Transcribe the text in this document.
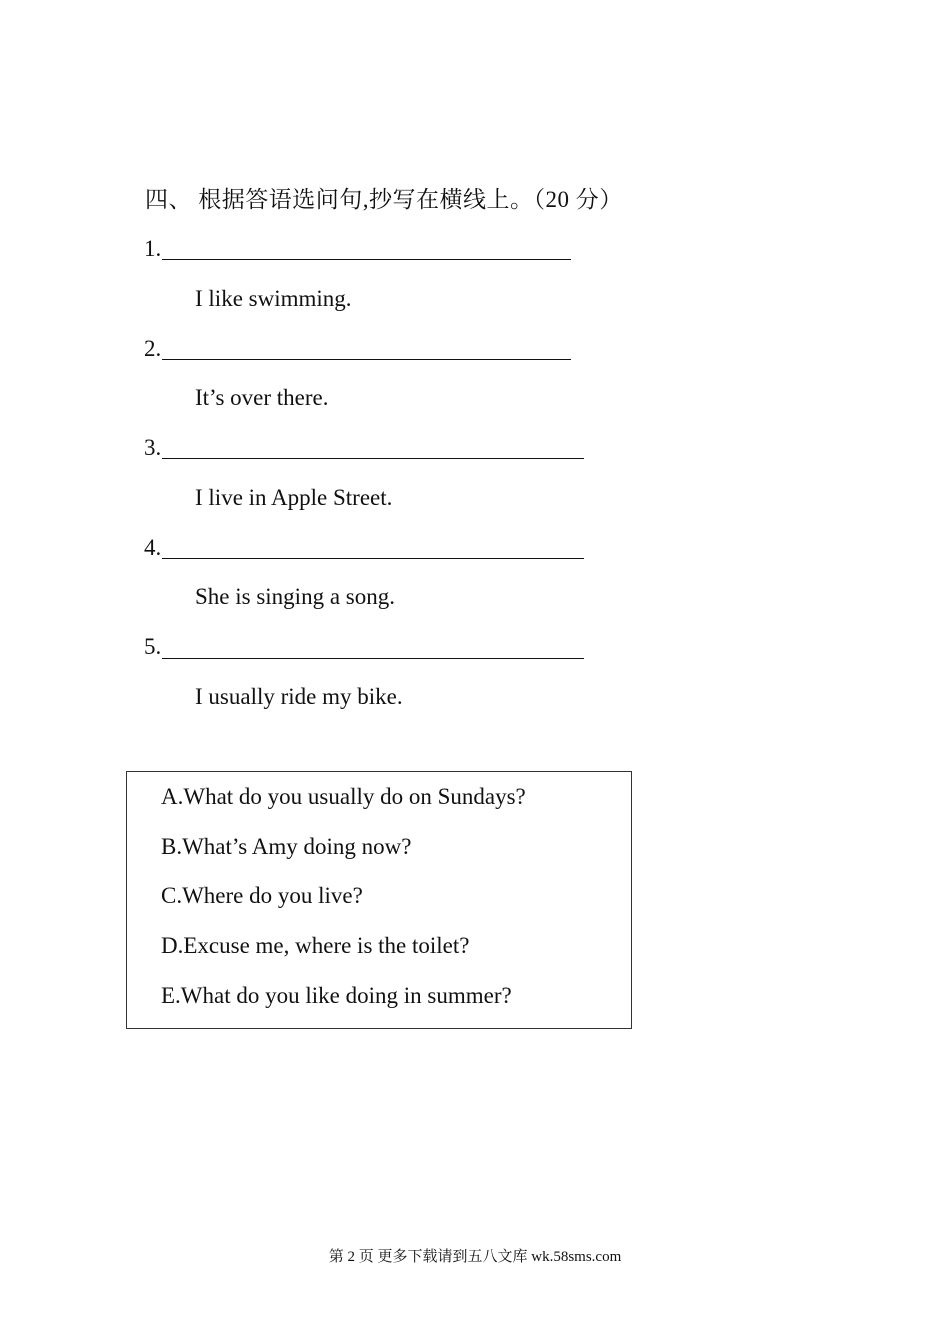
四、 根据答语选问句,抄写在横线上。（20 分）
1.
I like swimming.
2.
It’s over there.
3.
I live in Apple Street.
4.
She is singing a song.
5.
I usually ride my bike.
A.What do you usually do on Sundays?
B.What’s Amy doing now?
C.Where do you live?
D.Excuse me, where is the toilet?
E.What do you like doing in summer?
第 2 页 更多下载请到五八文库 wk.58sms.com
